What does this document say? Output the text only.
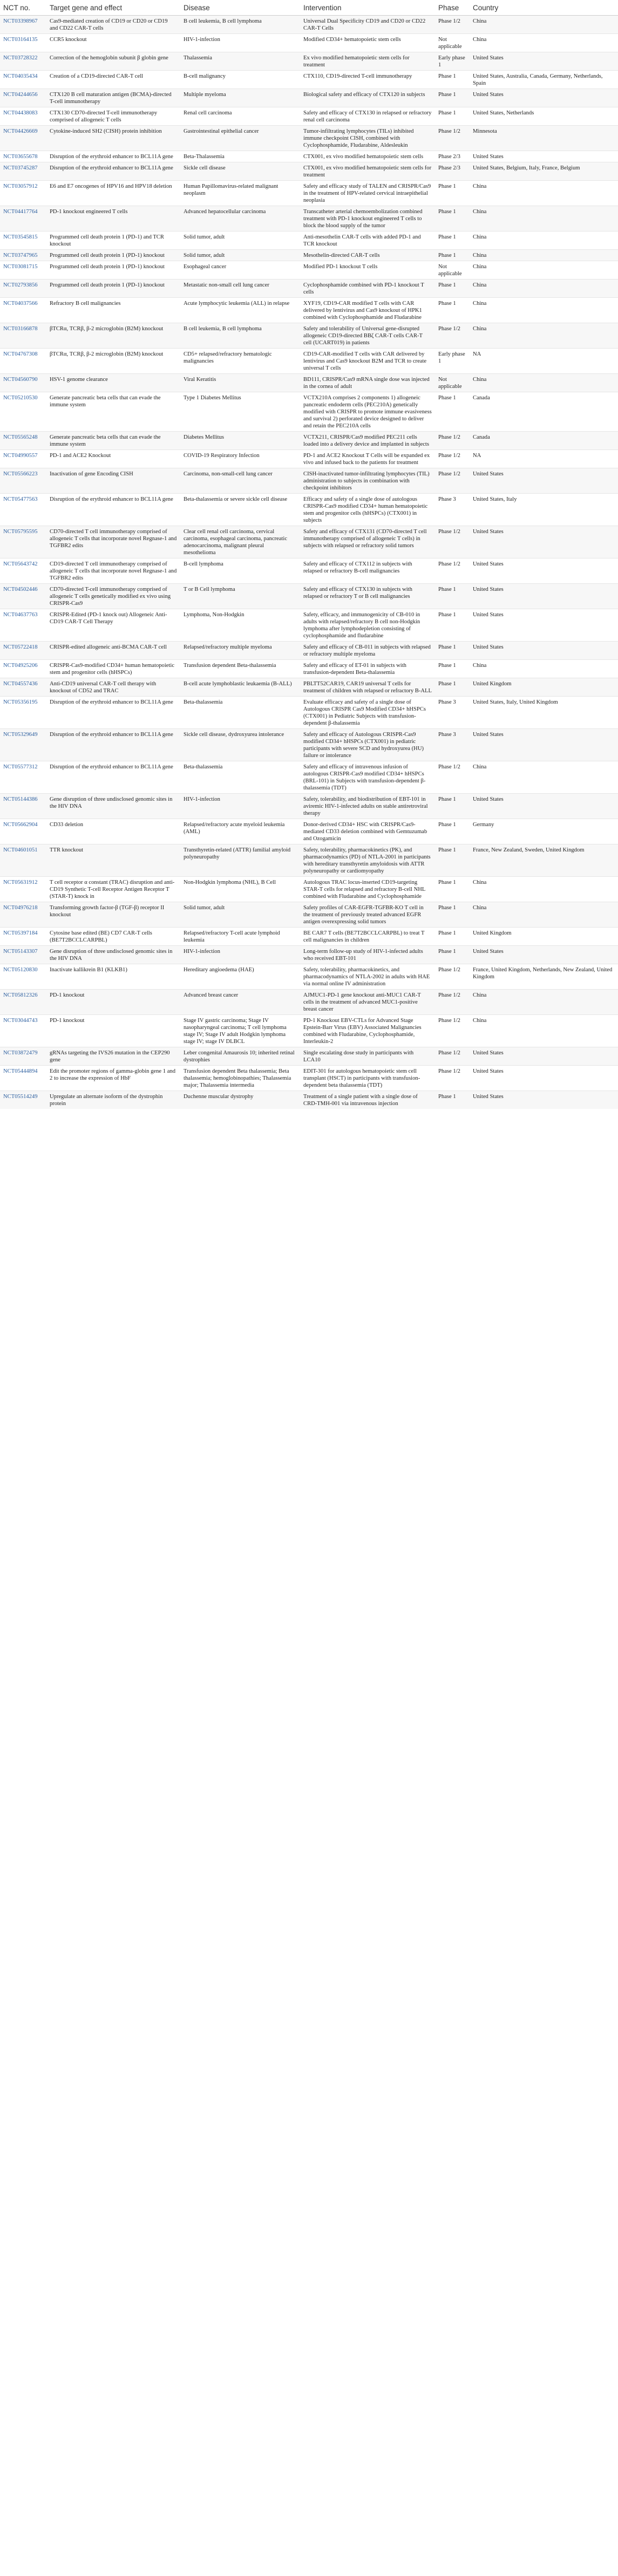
NCT no.	Target gene and effect	Disease	Intervention	Phase	Country
NCT03398967	Cas9-mediated creation of CD19 or CD20 or CD19 and CD22 CAR-T cells	B cell leukemia, B cell lymphoma	Universal Dual Specificity CD19 and CD20 or CD22 CAR-T Cells	Phase 1/2	China
NCT03164135	CCR5 knockout	HIV-1-infection	Modified CD34+ hematopoietic stem cells	Not applicable	China
NCT03728322	Correction of the hemoglobin subunit β globin gene	Thalassemia	Ex vivo modified hematopoietic stem cells for treatment	Early phase 1	United States
NCT04035434	Creation of a CD19-directed CAR-T cell	B-cell malignancy	CTX110, CD19-directed T-cell immunotherapy	Phase 1	United States, Australia, Canada, Germany, Netherlands, Spain
NCT04244656	CTX120 B cell maturation antigen (BCMA)-directed T-cell immunotherapy	Multiple myeloma	Biological safety and efficacy of CTX120 in subjects	Phase 1	United States
NCT04438083	CTX130 CD70-directed T-cell immunotherapy comprised of allogeneic T cells	Renal cell carcinoma	Safety and efficacy of CTX130 in relapsed or refractory renal cell carcinoma	Phase 1	United States, Netherlands
NCT04426669	Cytokine-induced SH2 (CISH) protein inhibition	Gastrointestinal epithelial cancer	Tumor-infiltrating lymphocytes (TILs) inhibited immune checkpoint CISH, combined with Cyclophosphamide, Fludarabine, Aldesleukin	Phase 1/2	Minnesota
NCT03655678	Disruption of the erythroid enhancer to BCL11A gene	Beta-Thalassemia	CTX001, ex vivo modified hematopoietic stem cells	Phase 2/3	United States
NCT03745287	Disruption of the erythroid enhancer to BCL11A gene	Sickle cell disease	CTX001, ex vivo modified hematopoietic stem cells for treatment	Phase 2/3	United States, Belgium, Italy, France, Belgium
NCT03057912	E6 and E7 oncogenes of HPV16 and HPV18 deletion	Human Papillomavirus-related malignant neoplasm	Safety and efficacy study of TALEN and CRISPR/Cas9 in the treatment of HPV-related cervical intraepithelial neoplasia	Phase 1	China
NCT04417764	PD-1 knockout engineered T cells	Advanced hepatocellular carcinoma	Transcatheter arterial chemoembolization combined treatment with PD-1 knockout engineered T cells to block the blood supply of the tumor	Phase 1	China
NCT03545815	Programmed cell death protein 1 (PD-1) and TCR knockout	Solid tumor, adult	Anti-mesothelin CAR-T cells with added PD-1 and TCR knockout	Phase 1	China
NCT03747965	Programmed cell death protein 1 (PD-1) knockout	Solid tumor, adult	Mesothelin-directed CAR-T cells	Phase 1	China
NCT03081715	Programmed cell death protein 1 (PD-1) knockout	Esophageal cancer	Modified PD-1 knockout T cells	Not applicable	China
NCT02793856	Programmed cell death protein 1 (PD-1) knockout	Metastatic non-small cell lung cancer	Cyclophosphamide combined with PD-1 knockout T cells	Phase 1	China
NCT04037566	Refractory B cell malignancies	Acute lymphocytic leukemia (ALL) in relapse	XYF19, CD19-CAR modified T cells with CAR delivered by lentivirus and Cas9 knockout of HPK1 combined with Cyclophosphamide and Fludarabine	Phase 1	China
NCT03166878	βTCRα, TCRβ, β-2 microglobin (B2M) knockout	B cell leukemia, B cell lymphoma	Safety and tolerability of Universal gene-disrupted allogeneic CD19-directed BBζ CAR-T cells CAR-T cell (UCART019) in patients	Phase 1/2	China
NCT04767308	βTCRα, TCRβ, β-2 microglobin (B2M) knockout	CD5+ relapsed/refractory hematologic malignancies	CD19-CAR-modified T cells with CAR delivered by lentivirus and Cas9 knockout B2M and TCR to create universal T cells	Early phase 1	NA
NCT04560790	HSV-1 genome clearance	Viral Keratitis	BD111, CRISPR/Cas9 mRNA single dose was injected in the cornea of adult	Not applicable	China
NCT05210530	Generate pancreatic beta cells that can evade the immune system	Type 1 Diabetes Mellitus	VCTX210A comprises 2 components 1) allogeneic pancreatic endoderm cells (PEC210A) genetically modified with CRISPR to promote immune evasiveness and survival 2) perforated device designed to deliver and retain the PEC210A cells	Phase 1	Canada
NCT05565248	Generate pancreatic beta cells that can evade the immune system	Diabetes Mellitus	VCTX211, CRISPR/Cas9 modified PEC211 cells loaded into a delivery device and implanted in subjects	Phase 1/2	Canada
NCT04990557	PD-1 and ACE2 Knockout	COVID-19 Respiratory Infection	PD-1 and ACE2 Knockout T Cells will be expanded ex vivo and infused back to the patients for treatment	Phase 1/2	NA
NCT05566223	Inactivation of gene Encoding CISH	Carcinoma, non-small-cell lung cancer	CISH-inactivated tumor-infiltrating lymphocytes (TIL) administration to subjects in combination with checkpoint inhibitors	Phase 1/2	United States
NCT05477563	Disruption of the erythroid enhancer to BCL11A gene	Beta-thalassemia or severe sickle cell disease	Efficacy and safety of a single dose of autologous CRISPR-Cas9 modified CD34+ human hematopoietic stem and progenitor cells (hHSPCs) (CTX001) in subjects	Phase 3	United States, Italy
NCT05795595	CD70-directed T cell immunotherapy comprised of allogeneic T cells that incorporate novel Regnase-1 and TGFBR2 edits	Clear cell renal cell carcinoma, cervical carcinoma, esophageal carcinoma, pancreatic adenocarcinoma, malignant pleural mesothelioma	Safety and efficacy of CTX131 (CD70-directed T cell immunotherapy comprised of allogeneic T cells) in subjects with relapsed or refractory solid tumors	Phase 1/2	United States
NCT05643742	CD19-directed T cell immunotherapy comprised of allogeneic T cells that incorporate novel Regnase-1 and TGFBR2 edits	B-cell lymphoma	Safety and efficacy of CTX112 in subjects with relapsed or refractory B-cell malignancies	Phase 1/2	United States
NCT04502446	CD70-directed T-cell immunotherapy comprised of allogeneic T cells genetically modified ex vivo using CRISPR-Cas9	T or B Cell lymphoma	Safety and efficacy of CTX130 in subjects with relapsed or refractory T or B cell malignancies	Phase 1	United States
NCT04637763	CRISPR-Edited (PD-1 knock out) Allogeneic Anti-CD19 CAR-T Cell Therapy	Lymphoma, Non-Hodgkin	Safety, efficacy, and immunogenicity of CB-010 in adults with relapsed/refractory B cell non-Hodgkin lymphoma after lymphodepletion consisting of cyclophosphamide and fludarabine	Phase 1	United States
NCT05722418	CRISPR-edited allogeneic anti-BCMA CAR-T cell	Relapsed/refractory multiple myeloma	Safety and efficacy of CB-011 in subjects with relapsed or refractory multiple myeloma	Phase 1	United States
NCT04925206	CRISPR-Cas9-modified CD34+ human hematopoietic stem and progenitor cells (hHSPCs)	Transfusion dependent Beta-thalassemia	Safety and efficacy of ET-01 in subjects with transfusion-dependent Beta-thalassemia	Phase 1	China
NCT04557436	Anti-CD19 universal CAR-T cell therapy with knockout of CD52 and TRAC	B-cell acute lymphoblastic leukaemia (B-ALL)	PBLTT52CAR19, CAR19 universal T cells for treatment of children with relapsed or refractory B-ALL	Phase 1	United Kingdom
NCT05356195	Disruption of the erythroid enhancer to BCL11A gene	Beta-thalassemia	Evaluate efficacy and safety of a single dose of Autologous CRISPR Cas9 Modified CD34+ hHSPCs (CTX001) in Pediatric Subjects with transfusion-dependent β-thalassemia	Phase 3	United States, Italy, United Kingdom
NCT05329649	Disruption of the erythroid enhancer to BCL11A gene	Sickle cell disease, dydroxyurea intolerance	Safety and efficacy of Autologous CRISPR-Cas9 modified CD34+ hHSPCs (CTX001) in pediatric participants with severe SCD and hydroxyurea (HU) failure or intolerance	Phase 3	United States
NCT05577312	Disruption of the erythroid enhancer to BCL11A gene	Beta-thalassemia	Safety and efficacy of intravenous infusion of autologous CRISPR-Cas9 modified CD34+ hHSPCs (BRL-101) in Subjects with transfusion-dependent β-thalassemia (TDT)	Phase 1/2	China
NCT05144386	Gene disruption of three undisclosed genomic sites in the HIV DNA	HIV-1-infection	Safety, tolerability, and biodistribution of EBT-101 in aviremic HIV-1-infected adults on stable antiretroviral therapy	Phase 1	United States
NCT05662904	CD33 deletion	Relapsed/refractory acute myeloid leukemia (AML)	Donor-derived CD34+ HSC with CRISPR/Cas9-mediated CD33 deletion combined with Gemtuzumab and Ozogamicin	Phase 1	Germany
NCT04601051	TTR knockout	Transthyretin-related (ATTR) familial amyloid polyneuropathy	Safety, tolerability, pharmacokinetics (PK), and pharmacodynamics (PD) of NTLA-2001 in participants with hereditary transthyretin amyloidosis with ATTR polyneuropathy or cardiomyopathy	Phase 1	France, New Zealand, Sweden, United Kingdom
NCT05631912	T cell receptor α constant (TRAC) disruption and anti-CD19 Synthetic T-cell Receptor Antigen Receptor T (STAR-T) knock in	Non-Hodgkin lymphoma (NHL), B Cell	Autologous TRAC locus-inserted CD19-targeting STAR-T cells for relapsed and refractory B-cell NHL combined with Fludarabine and Cyclophosphamide	Phase 1	China
NCT04976218	Transforming growth factor-β (TGF-β) receptor II knockout	Solid tumor, adult	Safety profiles of CAR-EGFR-TGFBR-KO T cell in the treatment of previously treated advanced EGFR antigen overexpressing solid tumors	Phase 1	China
NCT05397184	Cytosine base edited (BE) CD7 CAR-T cells (BE7T2BCCLCARPBL)	Relapsed/refractory T-cell acute lymphoid leukemia	BE CAR7 T cells (BE7T2BCCLCARPBL) to treat T cell malignancies in children	Phase 1	United Kingdom
NCT05143307	Gene disruption of three undisclosed genomic sites in the HIV DNA	HIV-1-infection	Long-term follow-up study of HIV-1-infected adults who received EBT-101	Phase 1	United States
NCT05120830	Inactivate kallikrein B1 (KLKB1)	Hereditary angioedema (HAE)	Safety, tolerability, pharmacokinetics, and pharmacodynamics of NTLA-2002 in adults with HAE via normal online IV administration	Phase 1/2	France, United Kingdom, Netherlands, New Zealand, United Kingdom
NCT05812326	PD-1 knockout	Advanced breast cancer	AJMUC1-PD-1 gene knockout anti-MUC1 CAR-T cells in the treatment of advanced MUC1-positive breast cancer	Phase 1/2	China
NCT03044743	PD-1 knockout	Stage IV gastric carcinoma; Stage IV nasopharyngeal carcinoma; T cell lymphoma stage IV; Stage IV adult Hodgkin lymphoma stage IV; stage IV DLBCL	PD-1 Knockout EBV-CTLs for Advanced Stage Epstein-Barr Virus (EBV) Associated Malignancies combined with Fludarabine, Cyclophosphamide, Interleukin-2	Phase 1/2	China
NCT03872479	gRNAs targeting the IVS26 mutation in the CEP290 gene	Leber congenital Amaurosis 10; inherited retinal dystrophies	Single escalating dose study in participants with LCA10	Phase 1/2	United States
NCT05444894	Edit the promoter regions of gamma-globin gene 1 and 2 to increase the expression of HbF	Transfusion dependent Beta thalassemia; Beta thalassemia; hemoglobinopathies; Thalassemia major; Thalassemia intermedia	EDIT-301 for autologous hematopoietic stem cell transplant (HSCT) in participants with transfusion-dependent beta thalassemia (TDT)	Phase 1/2	United States
NCT05514249	Upregulate an alternate isoform of the dystrophin protein	Duchenne muscular dystrophy	Treatment of a single patient with a single dose of CRD-TMH-001 via intravenous injection	Phase 1	United States
